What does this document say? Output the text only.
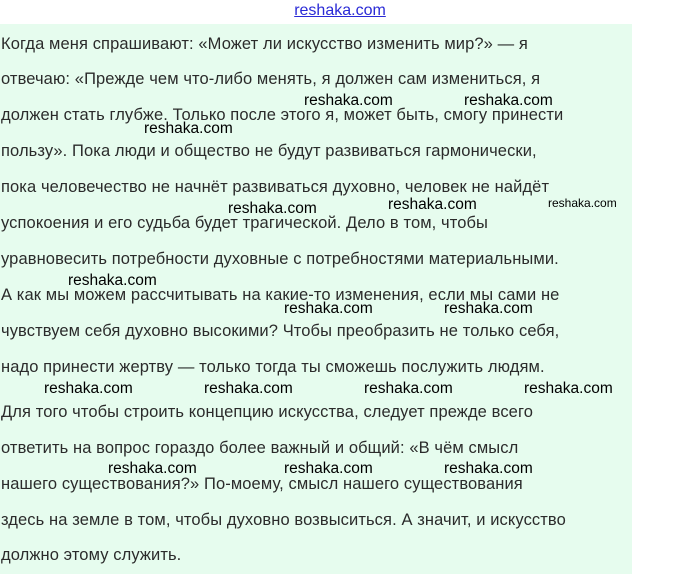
reshaka.com
Когда меня спрашивают: «Может ли искусство изменить мир?» — я
отвечаю: «Прежде чем что-либо менять, я должен сам измениться, я
должен стать глубже. Только после этого я, может быть, смогу принести
пользу». Пока люди и общество не будут развиваться гармонически,
пока человечество не начнёт развиваться духовно, человек не найдёт
успокоения и его судьба будет трагической. Дело в том, чтобы
уравновесить потребности духовные с потребностями материальными.
А как мы можем рассчитывать на какие-то изменения, если мы сами не
чувствуем себя духовно высокими? Чтобы преобразить не только себя,
надо принести жертву — только тогда ты сможешь послужить людям.
Для того чтобы строить концепцию искусства, следует прежде всего
ответить на вопрос гораздо более важный и общий: «В чём смысл
нашего существования?» По-моему, смысл нашего существования
здесь на земле в том, чтобы духовно возвыситься. А значит, и искусство
должно этому служить.
reshaka.com	reshaka.com
reshaka.com
reshaka.com	reshaka.com	reshaka.com
reshaka.com
reshaka.com	reshaka.com
reshaka.com	reshaka.com	reshaka.com	reshaka.com
reshaka.com	reshaka.com	reshaka.com
